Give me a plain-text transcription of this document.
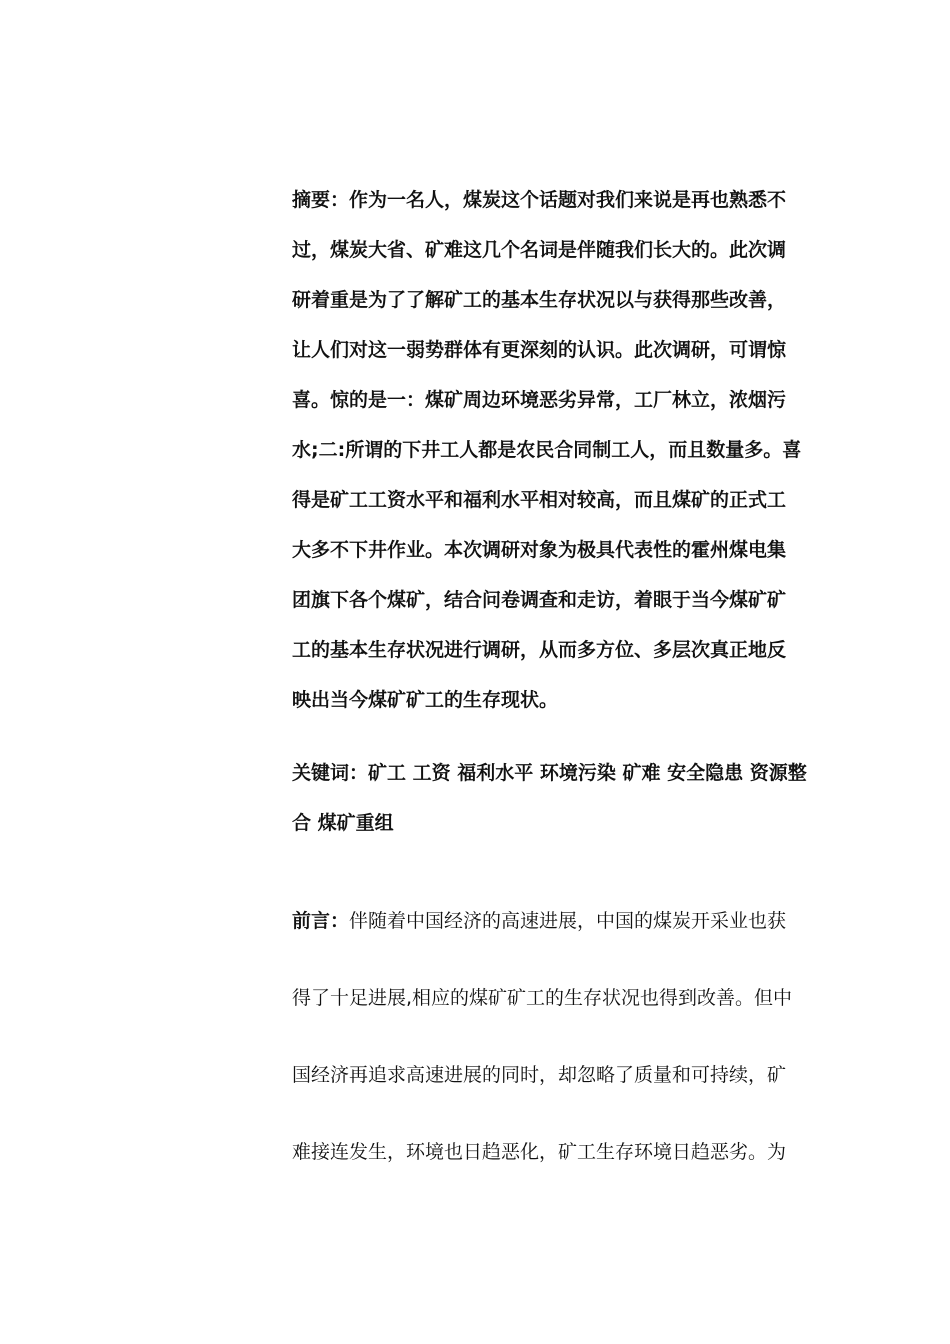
摘要：作为一名人，煤炭这个话题对我们来说是再也熟悉不
过，煤炭大省、矿难这几个名词是伴随我们长大的。此次调
研着重是为了了解矿工的基本生存状况以与获得那些改善，
让人们对这一弱势群体有更深刻的认识。此次调研，可谓惊
喜。惊的是一：煤矿周边环境恶劣异常，工厂林立，浓烟污
水;二:所谓的下井工人都是农民合同制工人，而且数量多。喜
得是矿工工资水平和福利水平相对较高，而且煤矿的正式工
大多不下井作业。本次调研对象为极具代表性的霍州煤电集
团旗下各个煤矿，结合问卷调查和走访，着眼于当今煤矿矿
工的基本生存状况进行调研，从而多方位、多层次真正地反
映出当今煤矿矿工的生存现状。
关键词：矿工 工资 福利水平 环境污染 矿难 安全隐患 资源整
合 煤矿重组
前言：伴随着中国经济的高速进展，中国的煤炭开采业也获
得了十足进展,相应的煤矿矿工的生存状况也得到改善。但中
国经济再追求高速进展的同时，却忽略了质量和可持续，矿
难接连发生，环境也日趋恶化，矿工生存环境日趋恶劣。为
